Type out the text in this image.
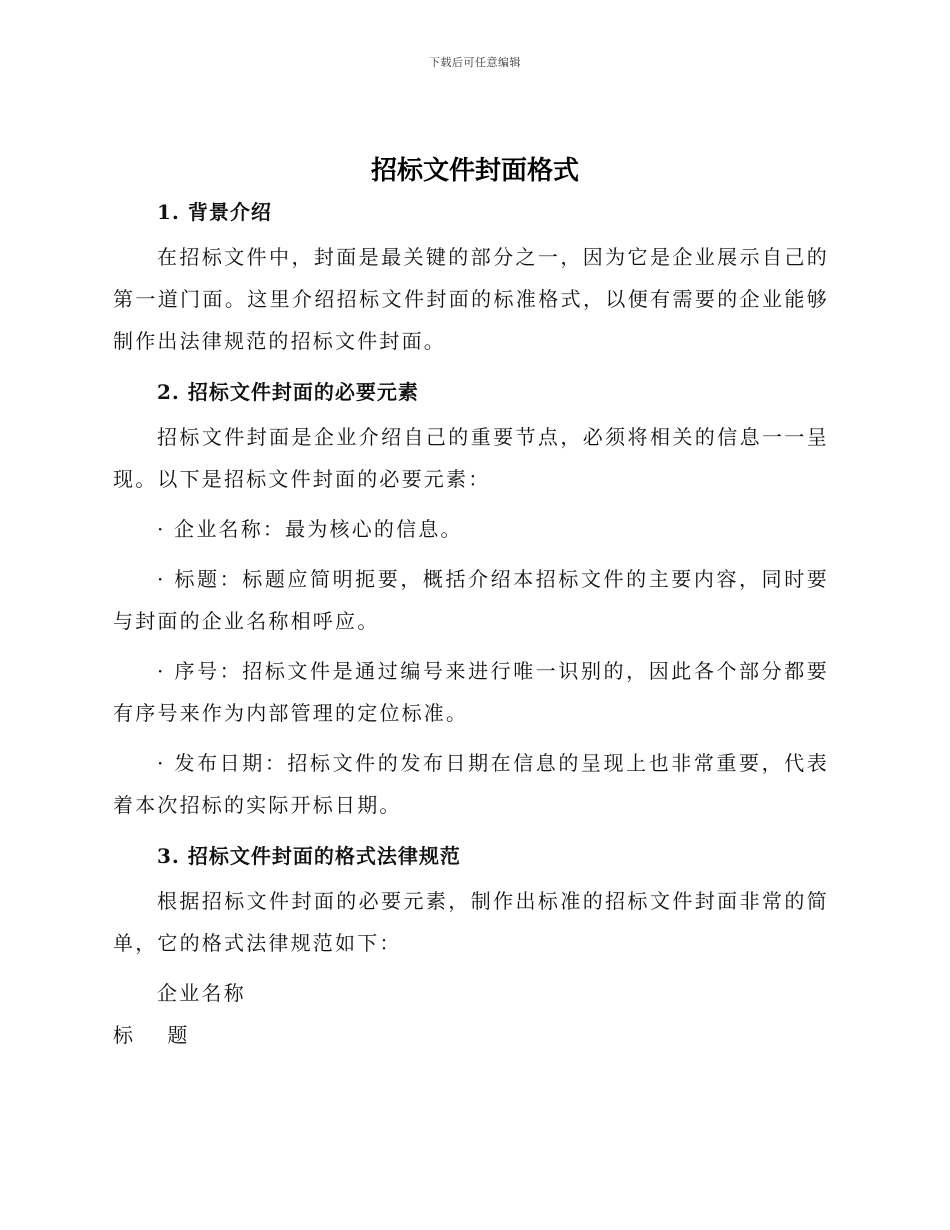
下载后可任意编辑
招标文件封面格式

1. 背景介绍

在招标文件中，封面是最关键的部分之一，因为它是企业展示自己的第一道门面。这里介绍招标文件封面的标准格式，以便有需要的企业能够制作出法律规范的招标文件封面。

2. 招标文件封面的必要元素

招标文件封面是企业介绍自己的重要节点，必须将相关的信息一一呈现。以下是招标文件封面的必要元素：

· 企业名称：最为核心的信息。

· 标题：标题应简明扼要，概括介绍本招标文件的主要内容，同时要与封面的企业名称相呼应。

· 序号：招标文件是通过编号来进行唯一识别的，因此各个部分都要有序号来作为内部管理的定位标准。

· 发布日期：招标文件的发布日期在信息的呈现上也非常重要，代表着本次招标的实际开标日期。

3. 招标文件封面的格式法律规范

根据招标文件封面的必要元素，制作出标准的招标文件封面非常的简单，它的格式法律规范如下：

企业名称

标 题
